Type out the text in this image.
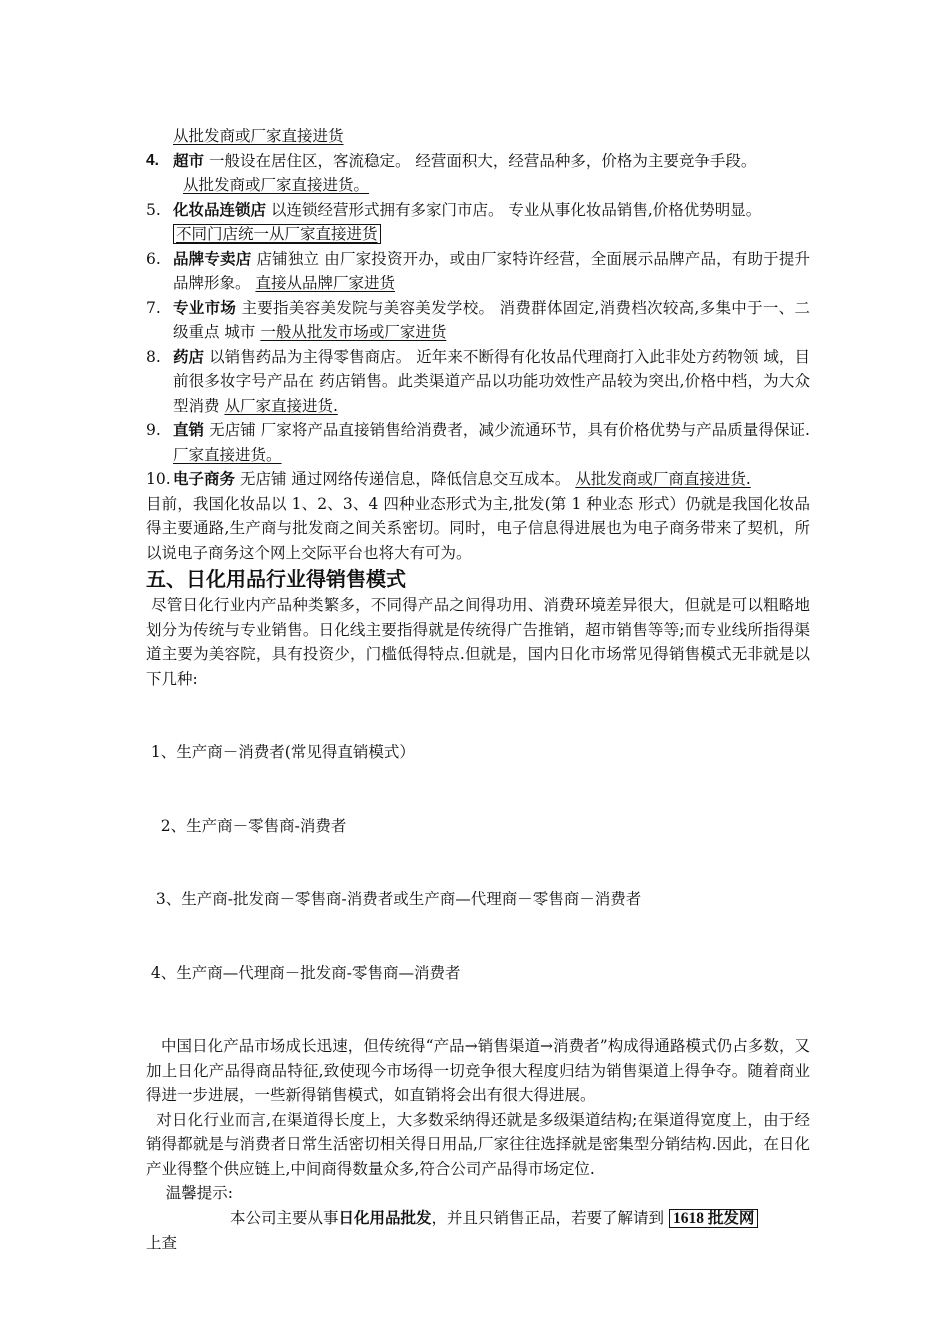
从批发商或厂家直接进货
4. 超市 一般设在居住区，客流稳定。 经营面积大，经营品种多，价格为主要竞争手段。
从批发商或厂家直接进货。
5. 化妆品连锁店 以连锁经营形式拥有多家门市店。 专业从事化妆品销售,价格优势明显。
不同门店统一从厂家直接进货
6. 品牌专卖店 店铺独立 由厂家投资开办，或由厂家特许经营，全面展示品牌产品，有助于提升品牌形象。 直接从品牌厂家进货
7. 专业市场 主要指美容美发院与美容美发学校。 消费群体固定,消费档次较高,多集中于一、二级重点 城市 一般从批发市场或厂家进货
8. 药店 以销售药品为主得零售商店。 近年来不断得有化妆品代理商打入此非处方药物领 域，目前很多妆字号产品在 药店销售。此类渠道产品以功能功效性产品较为突出,价格中档，为大众型消费 从厂家直接进货.
9. 直销 无店铺 厂家将产品直接销售给消费者，减少流通环节，具有价格优势与产品质量得保证. 厂家直接进货。
10. 电子商务 无店铺 通过网络传递信息，降低信息交互成本。 从批发商或厂商直接进货.

目前，我国化妆品以 1、2、3、4 四种业态形式为主,批发(第 1 种业态 形式）仍就是我国化妆品得主要通路,生产商与批发商之间关系密切。同时，电子信息得进展也为电子商务带来了契机，所以说电子商务这个网上交际平台也将大有可为。

五、日化用品行业得销售模式

尽管日化行业内产品种类繁多，不同得产品之间得功用、消费环境差异很大，但就是可以粗略地划分为传统与专业销售。日化线主要指得就是传统得广告推销，超市销售等等;而专业线所指得渠道主要为美容院，具有投资少，门槛低得特点.但就是，国内日化市场常见得销售模式无非就是以下几种:

1、生产商－消费者(常见得直销模式）

2、生产商－零售商-消费者

3、生产商-批发商－零售商-消费者或生产商—代理商－零售商－消费者

4、生产商—代理商－批发商-零售商—消费者

中国日化产品市场成长迅速，但传统得“产品→销售渠道→消费者”构成得通路模式仍占多数，又加上日化产品得商品特征,致使现今市场得一切竞争很大程度归结为销售渠道上得争夺。随着商业得进一步进展，一些新得销售模式，如直销将会出有很大得进展。

对日化行业而言,在渠道得长度上，大多数采纳得还就是多级渠道结构;在渠道得宽度上，由于经销得都就是与消费者日常生活密切相关得日用品,厂家往往选择就是密集型分销结构.因此，在日化产业得整个供应链上,中间商得数量众多,符合公司产品得市场定位.

温馨提示:
本公司主要从事日化用品批发，并且只销售正品，若要了解请到 1618 批发网
上查
